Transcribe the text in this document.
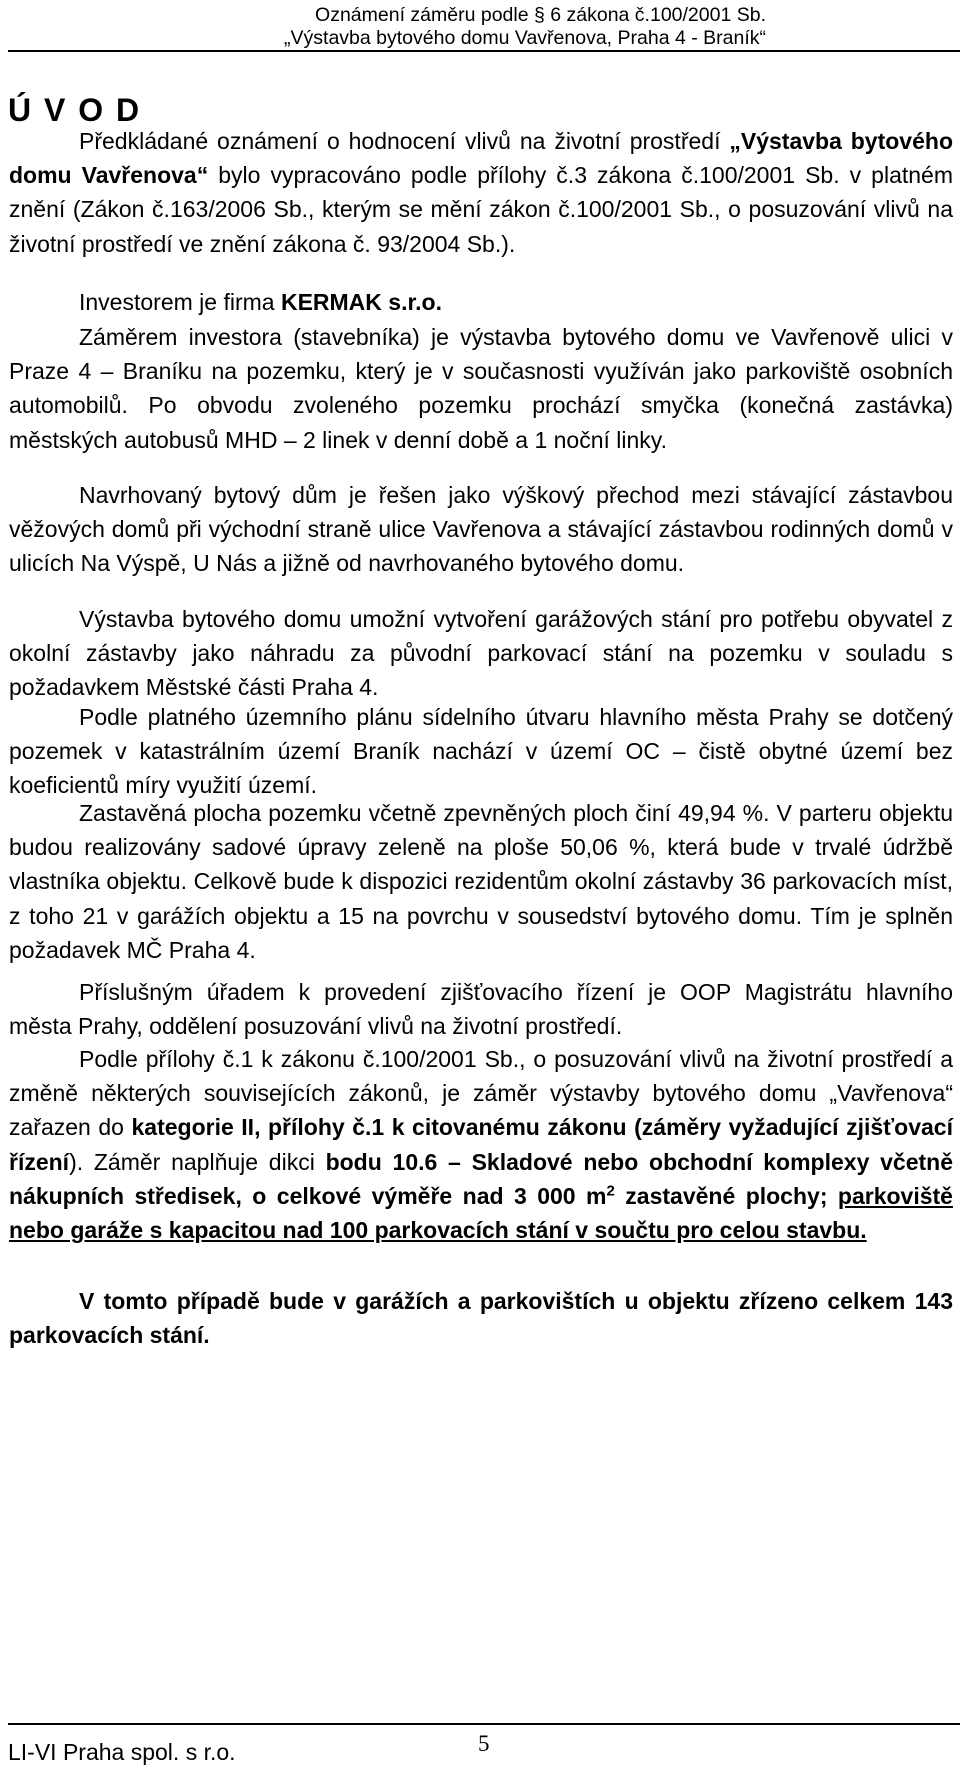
Oznámení záměru podle § 6 zákona č.100/2001 Sb.
„Výstavba bytového domu Vavřenova, Praha 4 - Braník“
Ú V O D

Předkládané oznámení o hodnocení vlivů na životní prostředí „Výstavba bytového domu Vavřenova“ bylo vypracováno podle přílohy č.3 zákona č.100/2001 Sb. v platném znění (Zákon č.163/2006 Sb., kterým se mění zákon č.100/2001 Sb., o posuzování vlivů na životní prostředí ve znění zákona č. 93/2004 Sb.).

Investorem je firma KERMAK s.r.o.

Záměrem investora (stavebníka) je výstavba bytového domu ve Vavřenově ulici v Praze 4 – Braníku na pozemku, který je v současnosti využíván jako parkoviště osobních automobilů. Po obvodu zvoleného pozemku prochází smyčka (konečná zastávka) městských autobusů MHD – 2 linek v denní době a 1 noční linky.

Navrhovaný bytový dům je řešen jako výškový přechod mezi stávající zástavbou věžových domů při východní straně ulice Vavřenova a stávající zástavbou rodinných domů v ulicích Na Výspě, U Nás a jižně od navrhovaného bytového domu.

Výstavba bytového domu umožní vytvoření garážových stání pro potřebu obyvatel z okolní zástavby jako náhradu za původní parkovací stání na pozemku v souladu s požadavkem Městské části Praha 4.

Podle platného územního plánu sídelního útvaru hlavního města Prahy se dotčený pozemek v katastrálním území Braník nachází v území OC – čistě obytné území bez koeficientů míry využití území.

Zastavěná plocha pozemku včetně zpevněných ploch činí 49,94 %. V parteru objektu budou realizovány sadové úpravy zeleně na ploše 50,06 %, která bude v trvalé údržbě vlastníka objektu. Celkově bude k dispozici rezidentům okolní zástavby 36 parkovacích míst, z toho 21 v garážích objektu a 15 na povrchu v sousedství bytového domu. Tím je splněn požadavek MČ Praha 4.

Příslušným úřadem k provedení zjišťovacího řízení je OOP Magistrátu hlavního města Prahy, oddělení posuzování vlivů na životní prostředí.

Podle přílohy č.1 k zákonu č.100/2001 Sb., o posuzování vlivů na životní prostředí a změně některých souvisejících zákonů, je záměr výstavby bytového domu „Vavřenova“ zařazen do kategorie II, přílohy č.1 k citovanému zákonu (záměry vyžadující zjišťovací řízení). Záměr naplňuje dikci bodu 10.6 – Skladové nebo obchodní komplexy včetně nákupních středisek, o celkové výměře nad 3 000 $m^2$ zastavěné plochy; parkoviště nebo garáže s kapacitou nad 100 parkovacích stání v součtu pro celou stavbu.

V tomto případě bude v garážích a parkovištích u objektu zřízeno celkem 143 parkovacích stání.

LI-VI Praha spol. s r.o.	5
